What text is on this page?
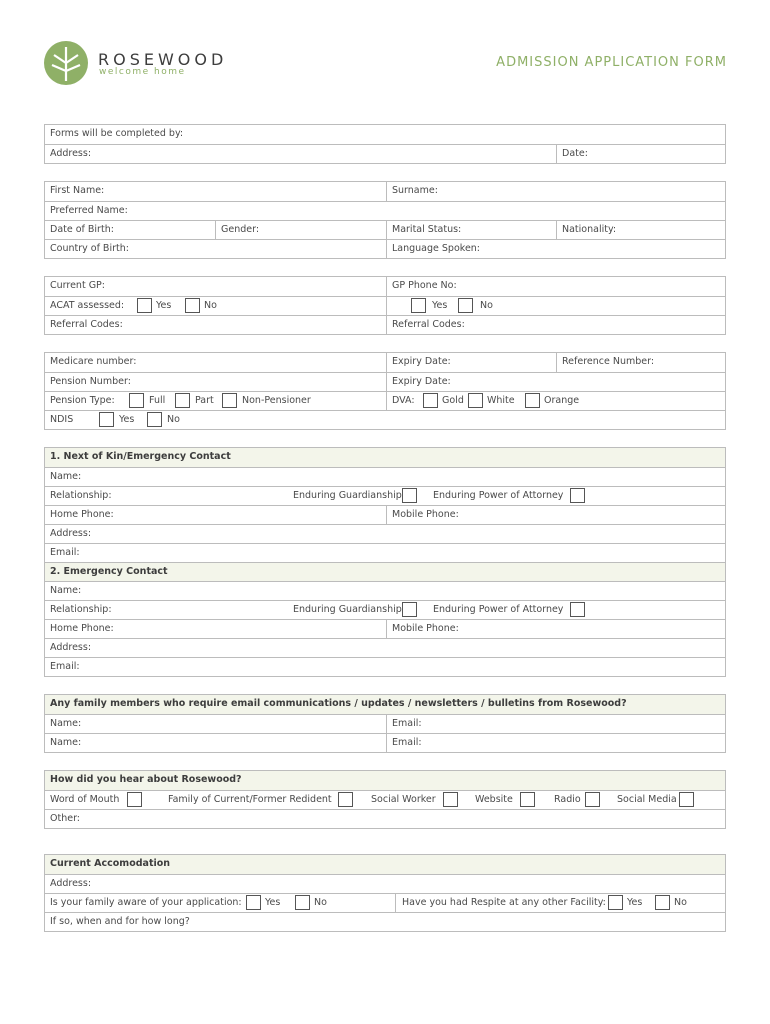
ROSEWOOD
welcome home
ADMISSION APPLICATION FORM
Forms will be completed by:
Address:	Date:
First Name:	Surname:
Preferred Name:
Date of Birth:	Gender:	Marital Status:	Nationality:
Country of Birth:	Language Spoken:
Current GP:	GP Phone No:
ACAT assessed:	Yes	No	Yes	No
Referral Codes:	Referral Codes:
Medicare number:	Expiry Date:	Reference Number:
Pension Number:	Expiry Date:
Pension Type:	Full	Part	Non-Pensioner	DVA:	Gold White	Orange
NDIS	Yes	No
1. Next of Kin/Emergency Contact
Name:
Relationship:	Enduring Guardianship	Enduring Power of Attorney
Home Phone:	Mobile Phone:
Address:
Email:
2. Emergency Contact
Name:
Relationship:	Enduring Guardianship	Enduring Power of Attorney
Home Phone:	Mobile Phone:
Address:
Email:
Any family members who require email communications / updates / newsletters / bulletins from Rosewood?
Name:	Email:
Name:	Email:
How did you hear about Rosewood?
Word of Mouth	Family of Current/Former Redident	Social Worker	Website	Radio	Social Media
Other:
Current Accomodation
Address:
Is your family aware of your application: Yes	No	Have you had Respite at any other Facility: Yes	No
If so, when and for how long?
